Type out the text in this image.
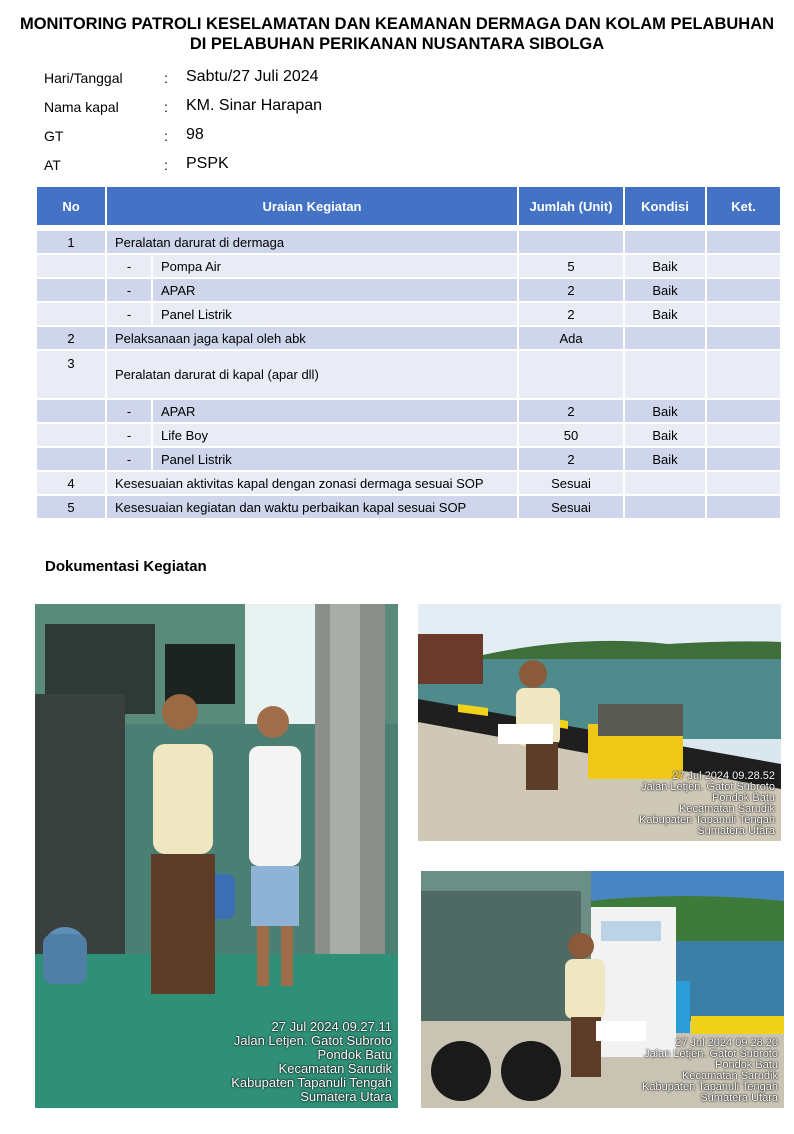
MONITORING PATROLI KESELAMATAN DAN KEAMANAN DERMAGA DAN KOLAM PELABUHAN
DI PELABUHAN PERIKANAN NUSANTARA SIBOLGA
Hari/Tanggal	: Sabtu/27 Juli 2024
Nama kapal	: KM. Sinar Harapan
GT	: 98
AT	: PSPK
No	Uraian Kegiatan		Jumlah (Unit)	Kondisi	Ket.

1	Peralatan darurat di dermaga				
	-	Pompa Air	5	Baik	
	-	APAR	2	Baik	
	-	Panel Listrik	2	Baik	
2	Pelaksanaan jaga kapal oleh abk		Ada		
3	Peralatan darurat di kapal (apar dll)				
	-	APAR	2	Baik	
	-	Life Boy	50	Baik	
	-	Panel Listrik	2	Baik	
4	Kesesuaian aktivitas kapal dengan zonasi dermaga sesuai SOP		Sesuai		
5	Kesesuaian kegiatan dan waktu perbaikan kapal sesuai SOP		Sesuai		
Dokumentasi Kegiatan
27 Jul 2024 09.27.11
Jalan Letjen. Gatot Subroto
Pondok Batu
Kecamatan Sarudik
Kabupaten Tapanuli Tengah
Sumatera Utara
27 Jul 2024 09.28.52
Jalan Letjen. Gatot Subroto
Pondok Batu
Kecamatan Sarudik
Kabupaten Tapanuli Tengah
Sumatera Utara
27 Jul 2024 09.28.20
Jalan Letjen. Gatot Subroto
Pondok Batu
Kecamatan Sarudik
Kabupaten Tapanuli Tengah
Sumatera Utara
